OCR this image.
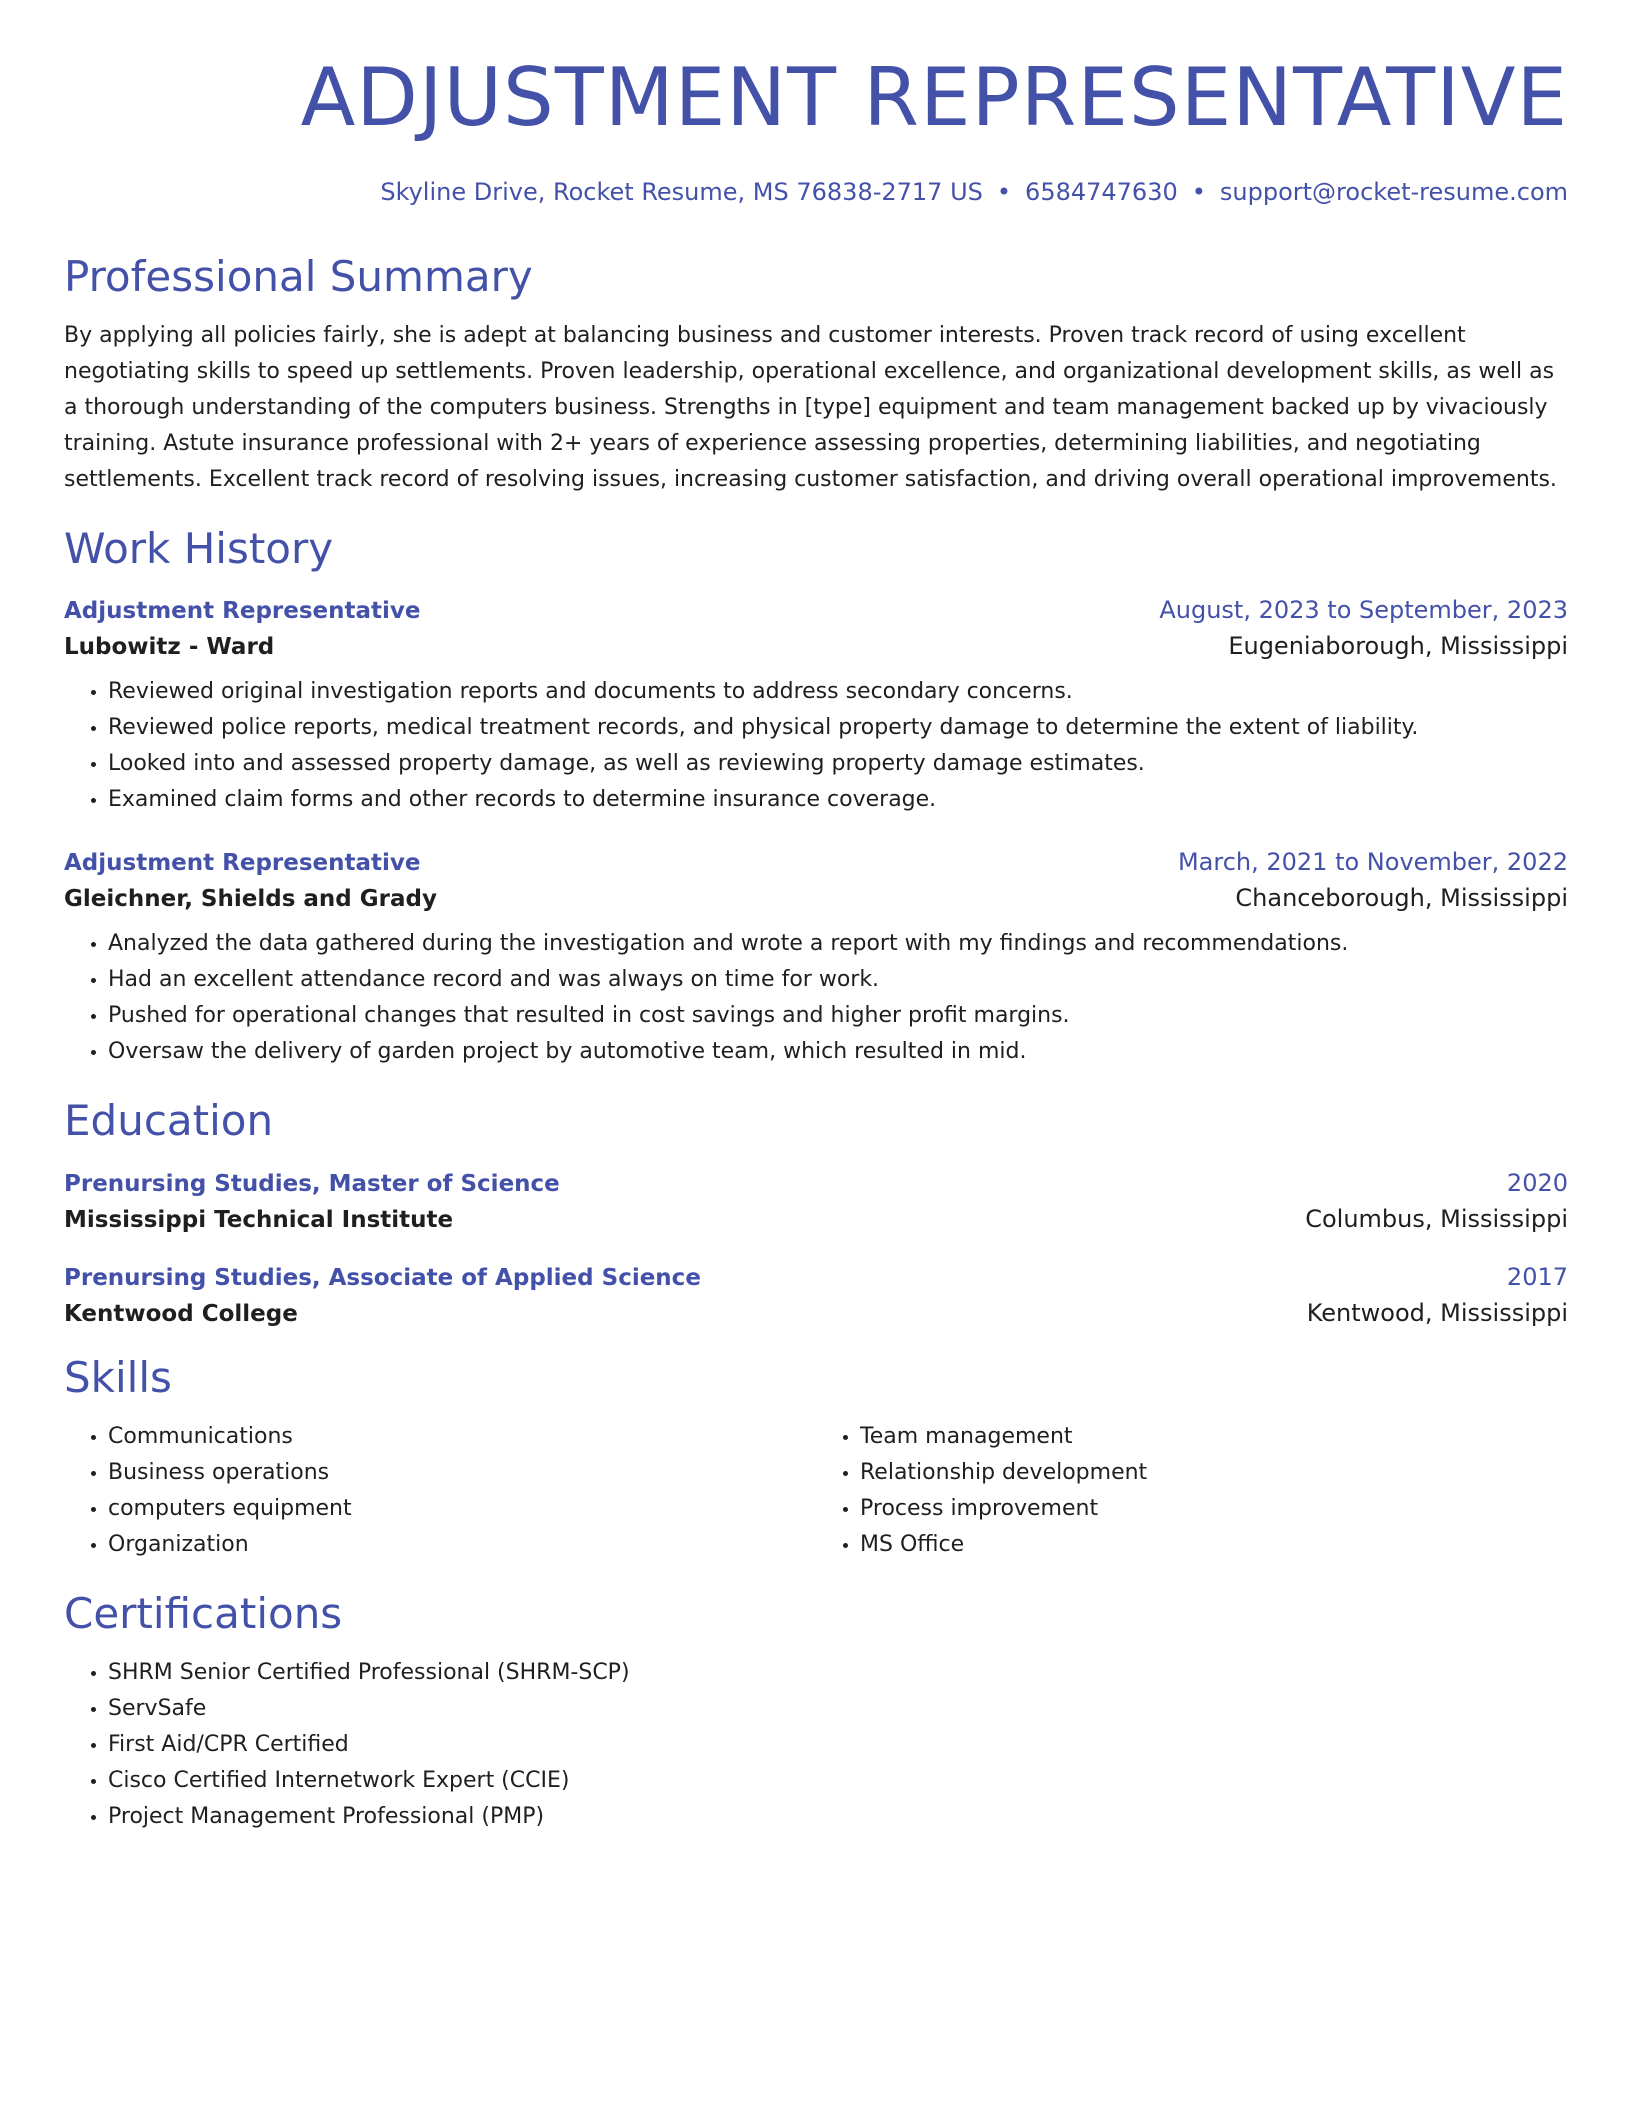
ADJUSTMENT REPRESENTATIVE
Skyline Drive, Rocket Resume, MS 76838-2717 US • 6584747630 • support@rocket-resume.com
Professional Summary
By applying all policies fairly, she is adept at balancing business and customer interests. Proven track record of using excellent negotiating skills to speed up settlements. Proven leadership, operational excellence, and organizational development skills, as well as a thorough understanding of the computers business. Strengths in [type] equipment and team management backed up by vivaciously training. Astute insurance professional with 2+ years of experience assessing properties, determining liabilities, and negotiating settlements. Excellent track record of resolving issues, increasing customer satisfaction, and driving overall operational improvements.
Work History
Adjustment Representative	August, 2023 to September, 2023
Lubowitz - Ward	Eugeniaborough, Mississippi
• Reviewed original investigation reports and documents to address secondary concerns.
• Reviewed police reports, medical treatment records, and physical property damage to determine the extent of liability.
• Looked into and assessed property damage, as well as reviewing property damage estimates.
• Examined claim forms and other records to determine insurance coverage.
Adjustment Representative	March, 2021 to November, 2022
Gleichner, Shields and Grady	Chanceborough, Mississippi
• Analyzed the data gathered during the investigation and wrote a report with my findings and recommendations.
• Had an excellent attendance record and was always on time for work.
• Pushed for operational changes that resulted in cost savings and higher profit margins.
• Oversaw the delivery of garden project by automotive team, which resulted in mid.
Education
Prenursing Studies, Master of Science	2020
Mississippi Technical Institute	Columbus, Mississippi
Prenursing Studies, Associate of Applied Science	2017
Kentwood College	Kentwood, Mississippi
Skills
• Communications
• Business operations
• computers equipment
• Organization
• Team management
• Relationship development
• Process improvement
• MS Office
Certifications
• SHRM Senior Certified Professional (SHRM-SCP)
• ServSafe
• First Aid/CPR Certified
• Cisco Certified Internetwork Expert (CCIE)
• Project Management Professional (PMP)
